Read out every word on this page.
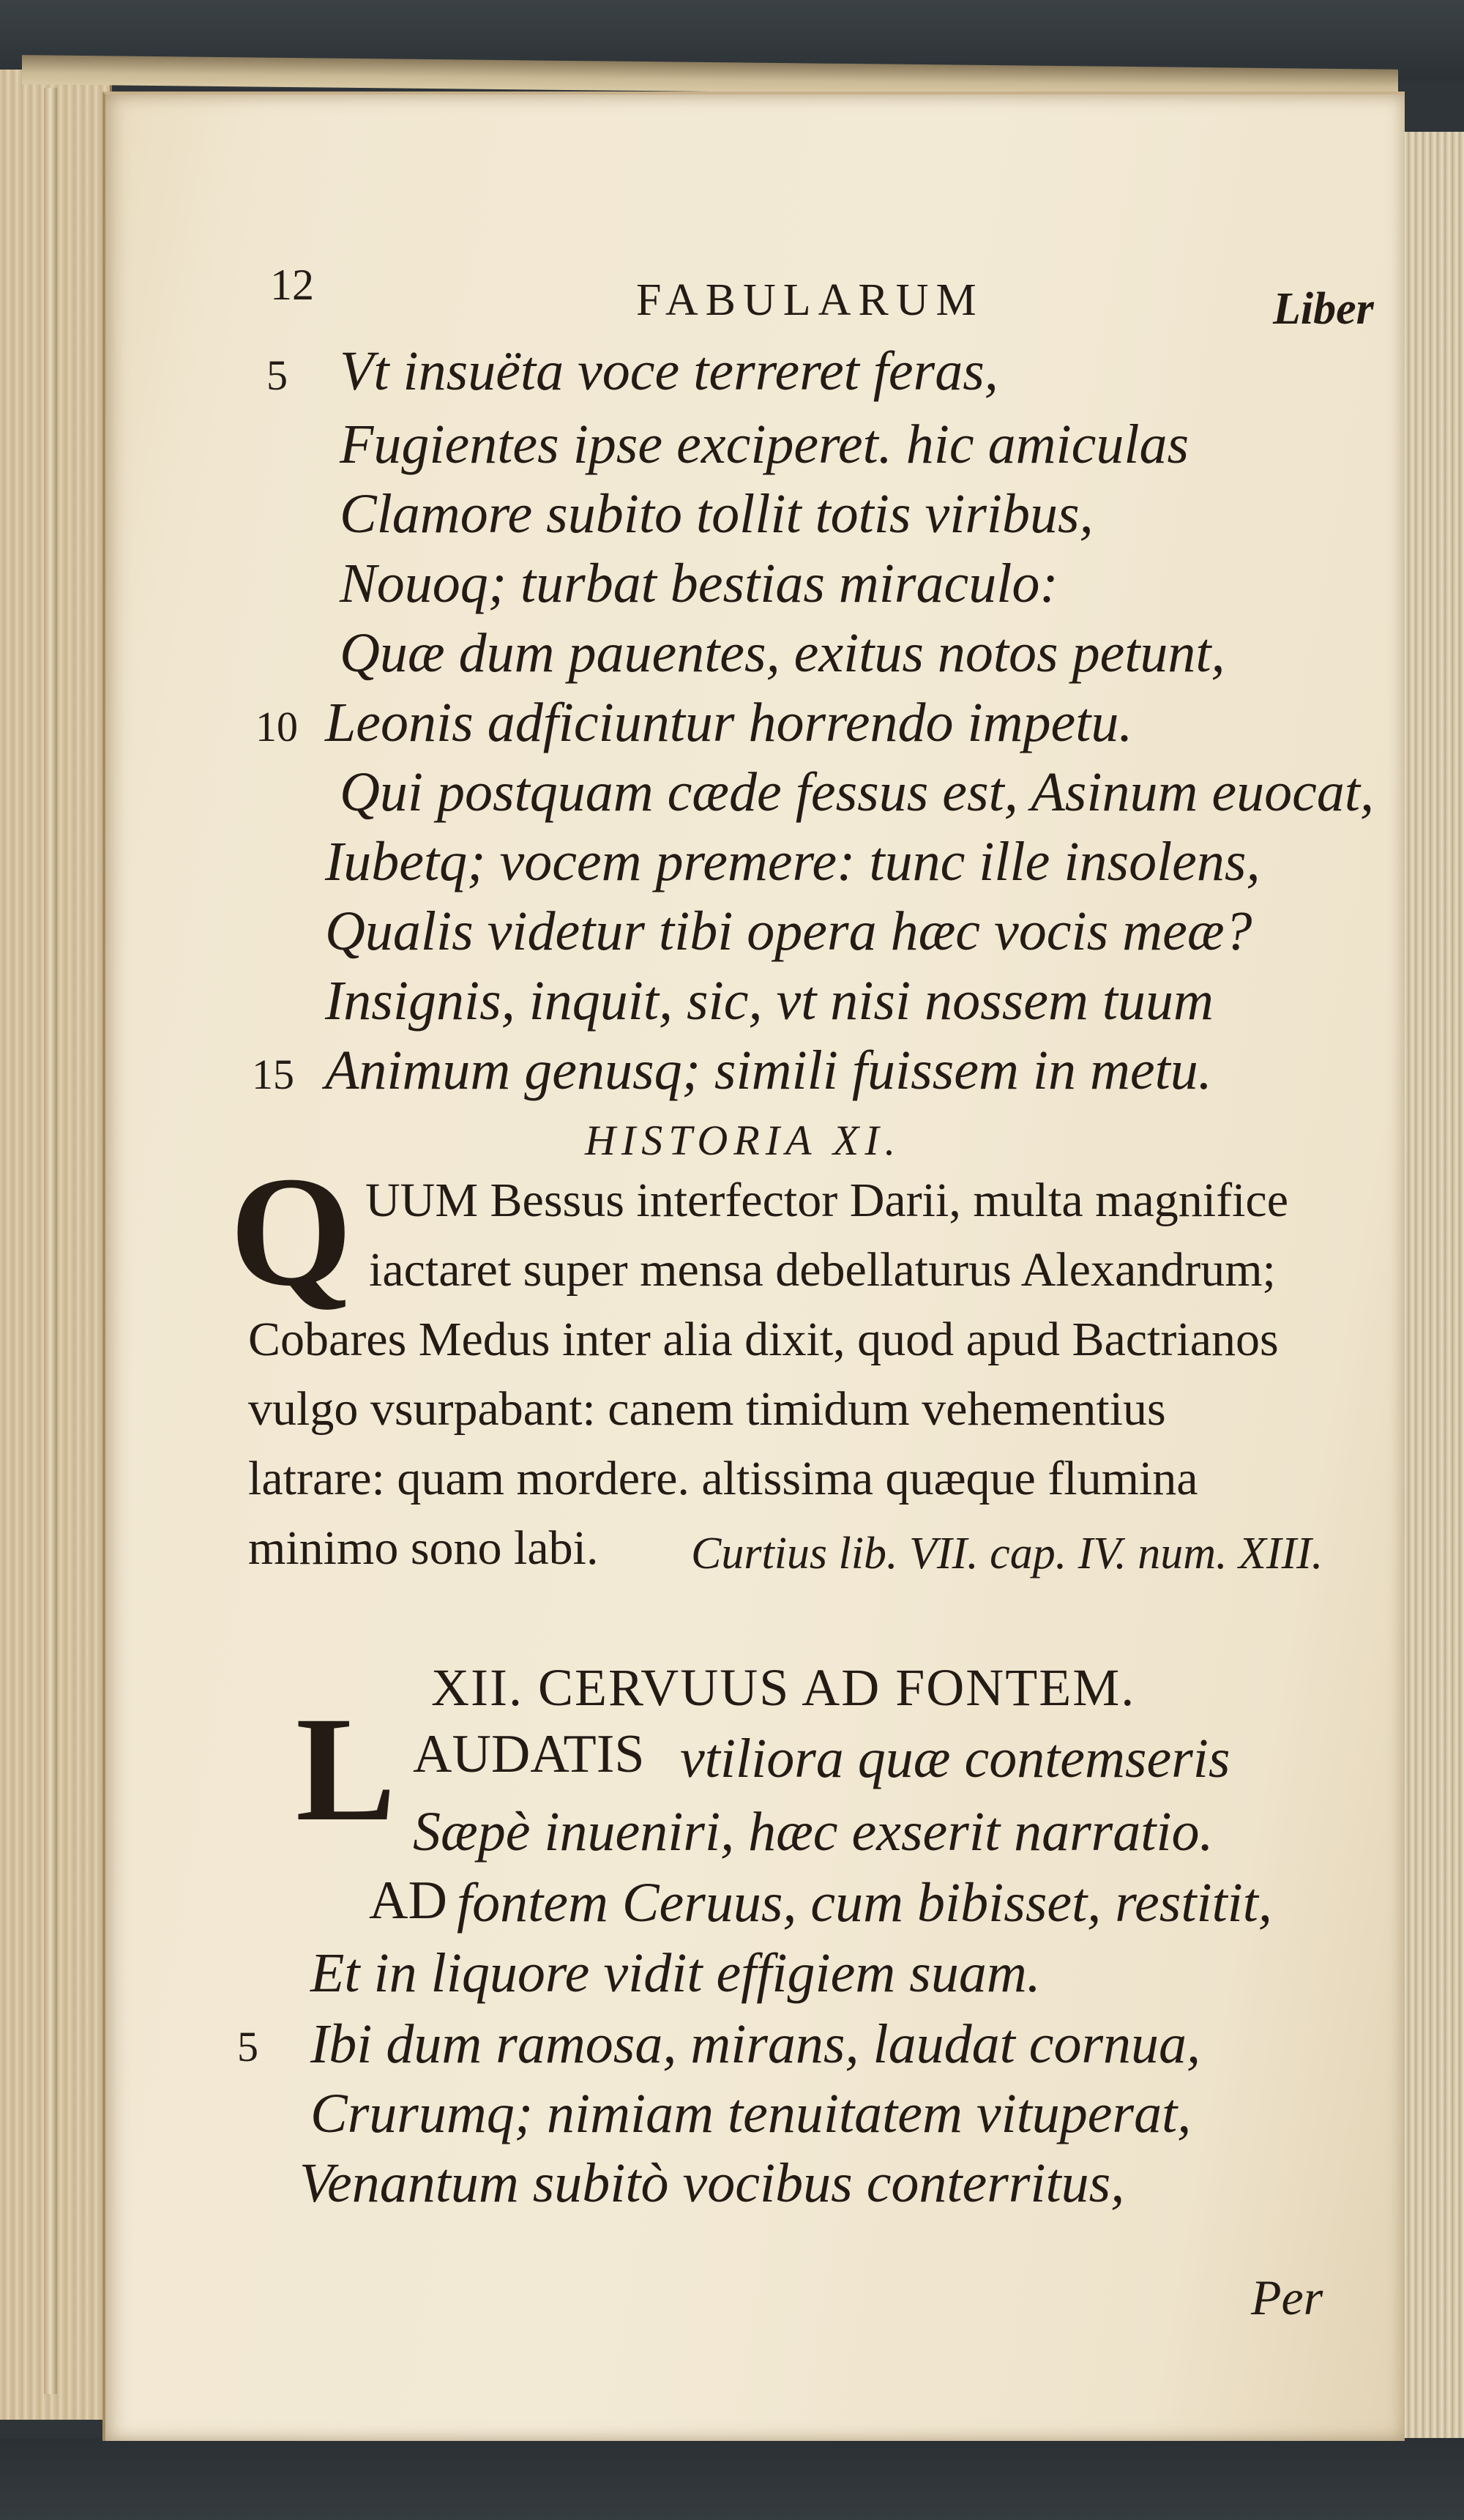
12	FABULARUM	Liber

5 Vt insuëta voce terreret feras,

Fugientes ipse exciperet. hic amiculas

Clamore subito tollit totis viribus,

Nouoq; turbat bestias miraculo:

Quæ dum pauentes, exitus notos petunt,

10 Leonis adficiuntur horrendo impetu.

Qui postquam cæde fessus est, Asinum euocat,

Iubetq; vocem premere: tunc ille insolens,

Qualis videtur tibi opera hæc vocis meæ?

Insignis, inquit, sic, vt nisi nossem tuum

15 Animum genusq; simili fuissem in metu.

HISTORIA XI.

Q UUM Bessus interfector Darii, multa magnifice

iactaret super mensa debellaturus Alexandrum;

Cobares Medus inter alia dixit, quod apud Bactrianos

vulgo vsurpabant: canem timidum vehementius

latrare: quam mordere. altissima quæque flumina

minimo sono labi. Curtius lib. VII. cap. IV. num. XIII.

XII. CERVUUS AD FONTEM.

L AUDATIS vtiliora quæ contemseris

Sæpè inueniri, hæc exserit narratio.

AD fontem Ceruus, cum bibisset, restitit,

Et in liquore vidit effigiem suam.

5 Ibi dum ramosa, mirans, laudat cornua,

Crurumq; nimiam tenuitatem vituperat,

Venantum subitò vocibus conterritus,

Per
